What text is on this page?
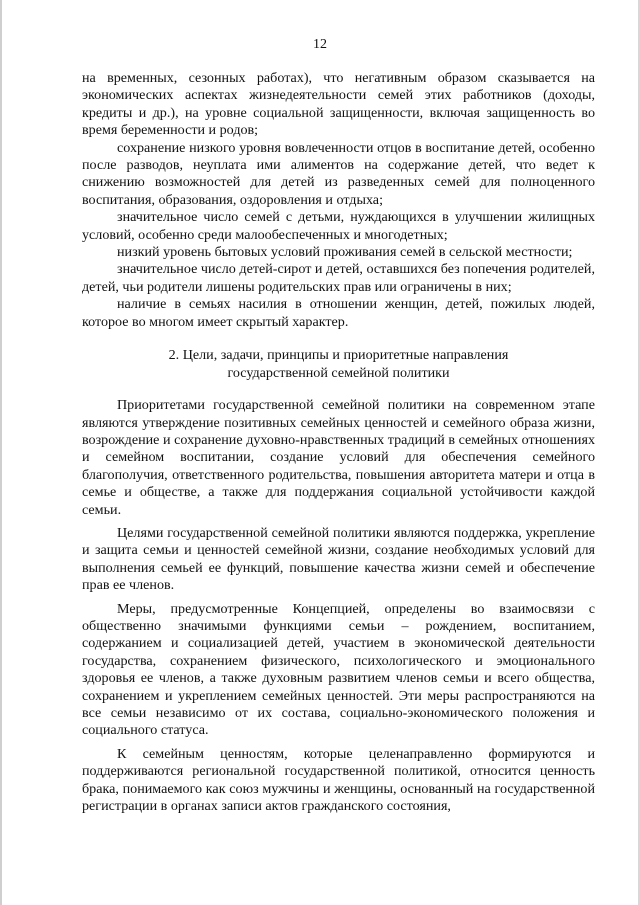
12

на временных, сезонных работах), что негативным образом сказывается на экономических аспектах жизнедеятельности семей этих работников (доходы, кредиты и др.), на уровне социальной защищенности, включая защищенность во время беременности и родов;

сохранение низкого уровня вовлеченности отцов в воспитание детей, особенно после разводов, неуплата ими алиментов на содержание детей, что ведет к снижению возможностей для детей из разведенных семей для полноценного воспитания, образования, оздоровления и отдыха;

значительное число семей с детьми, нуждающихся в улучшении жилищных условий, особенно среди малообеспеченных и многодетных;

низкий уровень бытовых условий проживания семей в сельской местности;

значительное число детей-сирот и детей, оставшихся без попечения родителей, детей, чьи родители лишены родительских прав или ограничены в них;

наличие в семьях насилия в отношении женщин, детей, пожилых людей, которое во многом имеет скрытый характер.

2. Цели, задачи, принципы и приоритетные направления
государственной семейной политики

Приоритетами государственной семейной политики на современном этапе являются утверждение позитивных семейных ценностей и семейного образа жизни, возрождение и сохранение духовно-нравственных традиций в семейных отношениях и семейном воспитании, создание условий для обеспечения семейного благополучия, ответственного родительства, повышения авторитета матери и отца в семье и обществе, а также для поддержания социальной устойчивости каждой семьи.

Целями государственной семейной политики являются поддержка, укрепление и защита семьи и ценностей семейной жизни, создание необходимых условий для выполнения семьей ее функций, повышение качества жизни семей и обеспечение прав ее членов.

Меры, предусмотренные Концепцией, определены во взаимосвязи с общественно значимыми функциями семьи – рождением, воспитанием, содержанием и социализацией детей, участием в экономической деятельности государства, сохранением физического, психологического и эмоционального здоровья ее членов, а также духовным развитием членов семьи и всего общества, сохранением и укреплением семейных ценностей. Эти меры распространяются на все семьи независимо от их состава, социально-экономического положения и социального статуса.

К семейным ценностям, которые целенаправленно формируются и поддерживаются региональной государственной политикой, относится ценность брака, понимаемого как союз мужчины и женщины, основанный на государственной регистрации в органах записи актов гражданского состояния,
